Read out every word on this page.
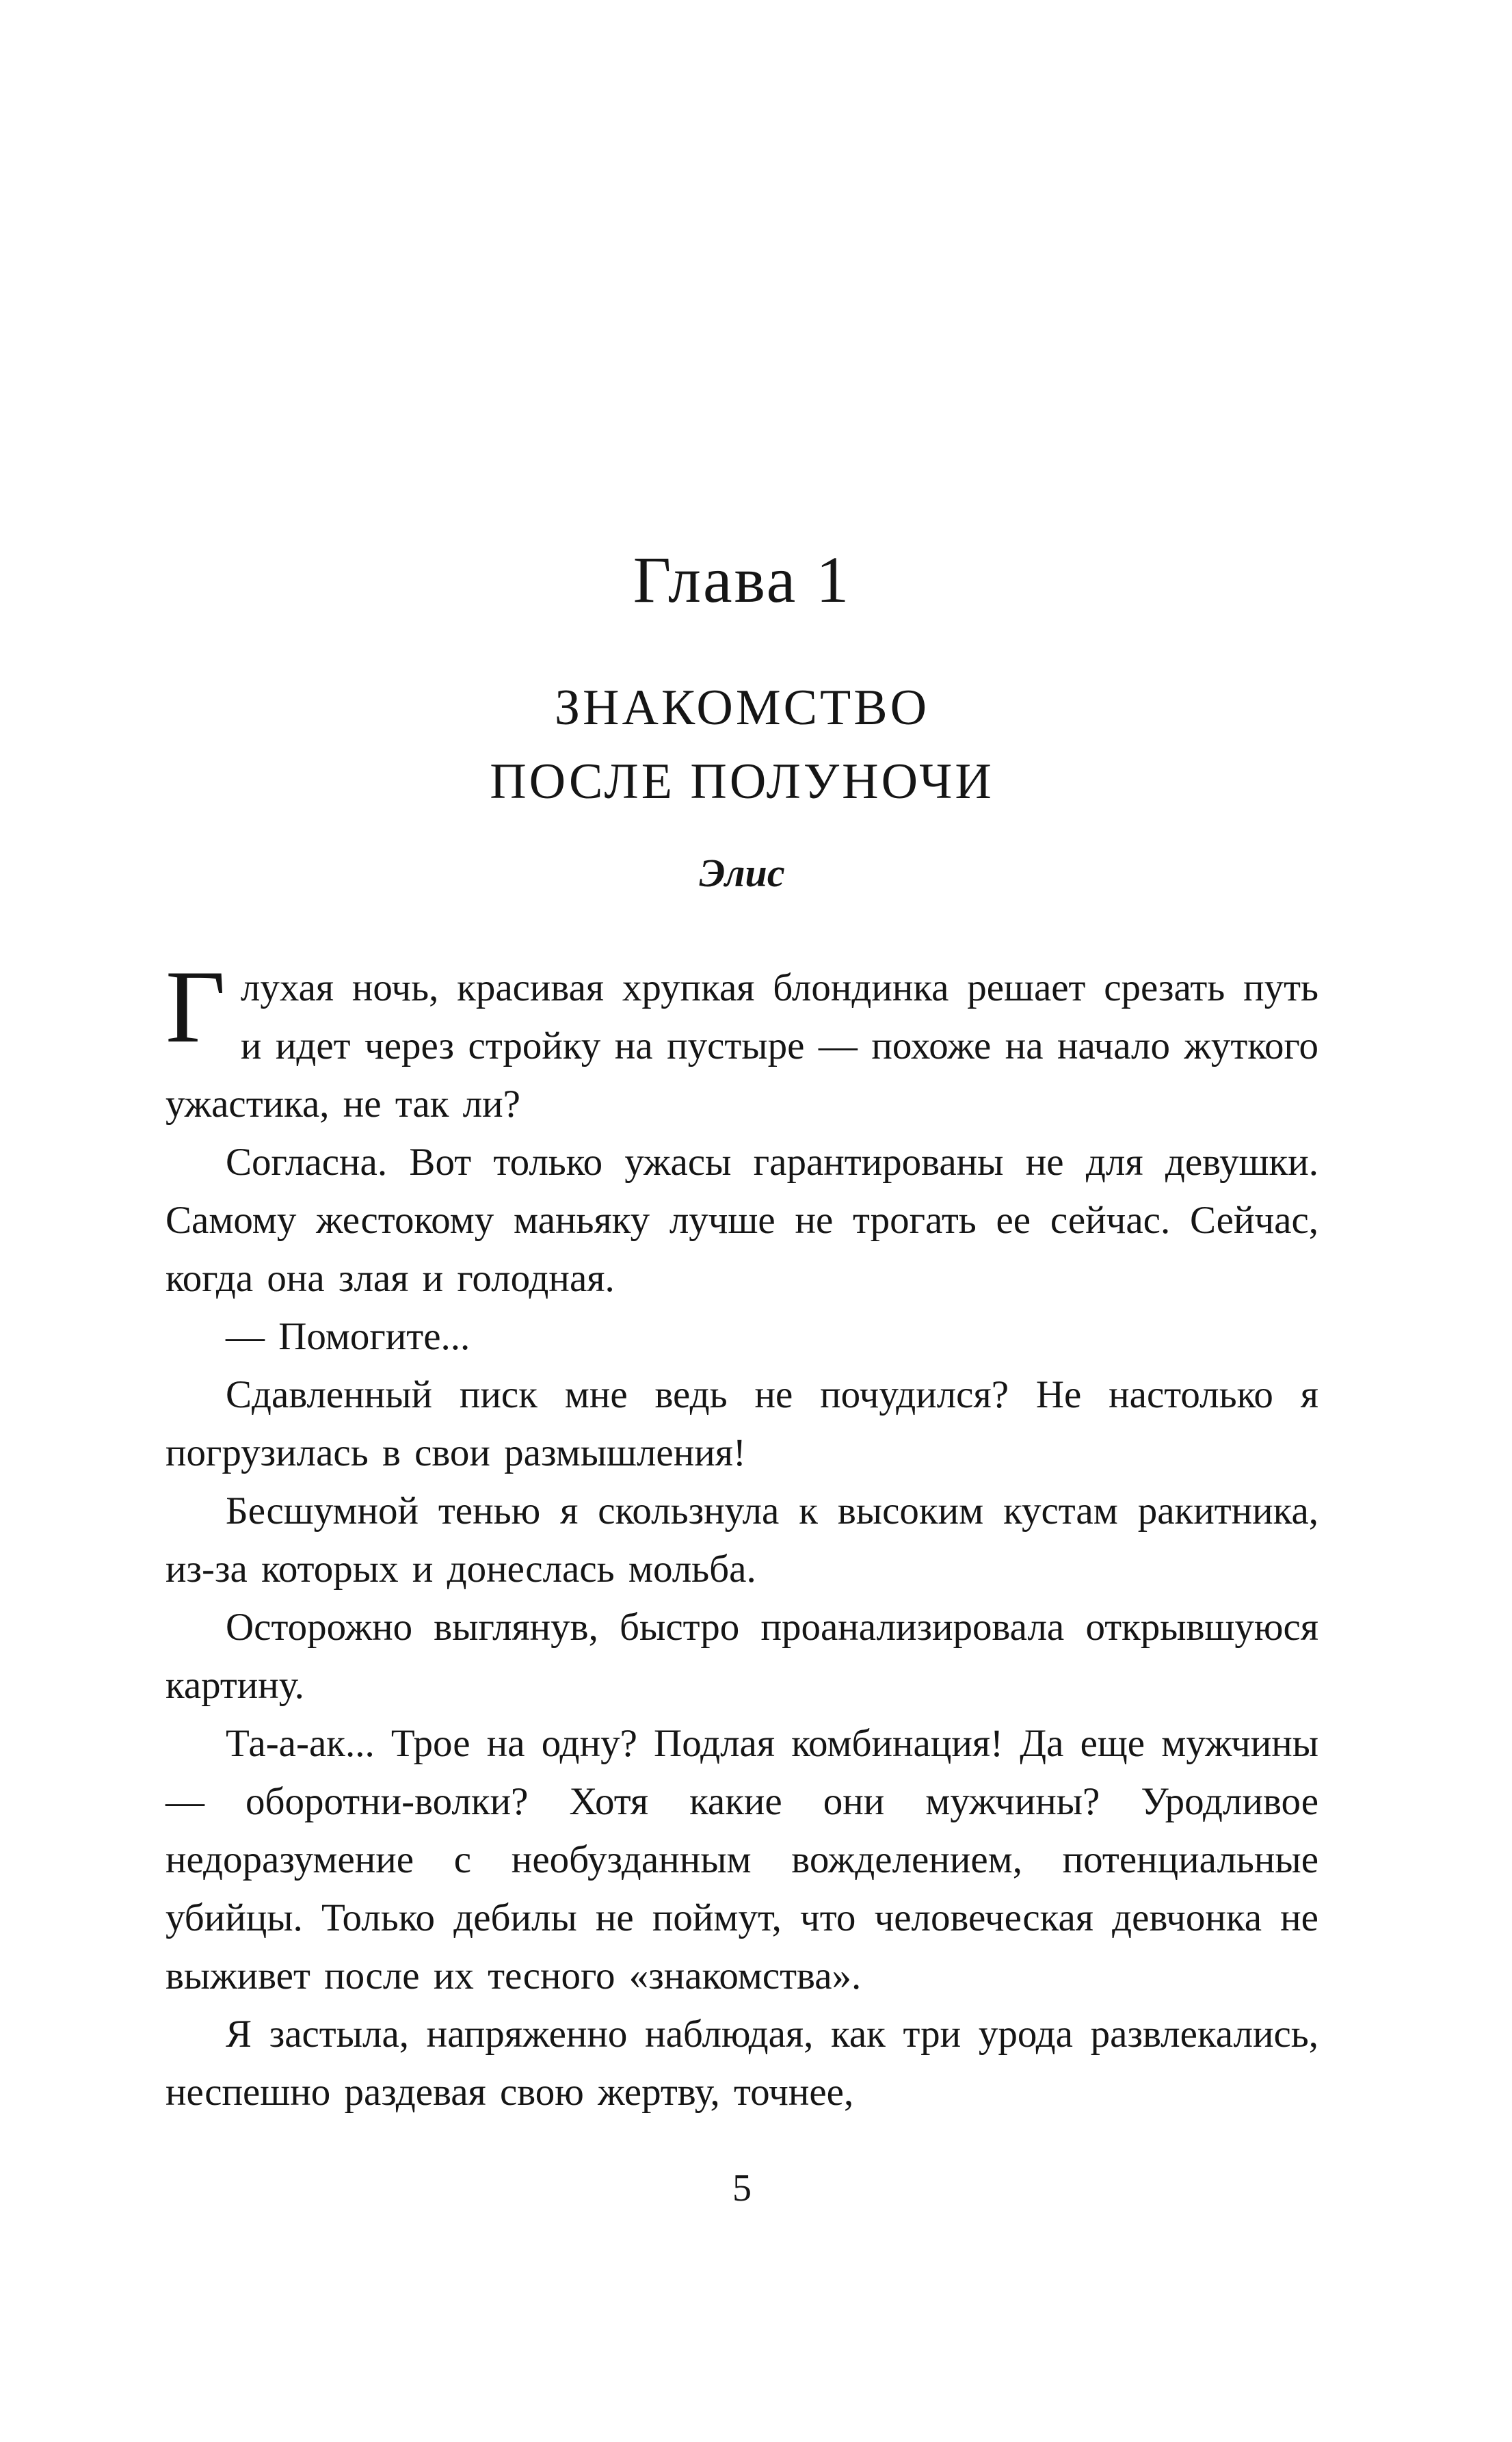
Глава 1
ЗНАКОМСТВО
ПОСЛЕ ПОЛУНОЧИ
Элис

Глухая ночь, красивая хрупкая блондинка решает срезать путь и идет через стройку на пустыре — похоже на начало жуткого ужастика, не так ли?

Согласна. Вот только ужасы гарантированы не для девушки. Самому жестокому маньяку лучше не трогать ее сейчас. Сейчас, когда она злая и голодная.

— Помогите...

Сдавленный писк мне ведь не почудился? Не настолько я погрузилась в свои размышления!

Бесшумной тенью я скользнула к высоким кустам ракитника, из-за которых и донеслась мольба.

Осторожно выглянув, быстро проанализировала открывшуюся картину.

Та-а-ак... Трое на одну? Подлая комбинация! Да еще мужчины — оборотни-волки? Хотя какие они мужчины? Уродливое недоразумение с необузданным вожделением, потенциальные убийцы. Только дебилы не поймут, что человеческая девчонка не выживет после их тесного «знакомства».

Я застыла, напряженно наблюдая, как три урода развлекались, неспешно раздевая свою жертву, точнее,

5
